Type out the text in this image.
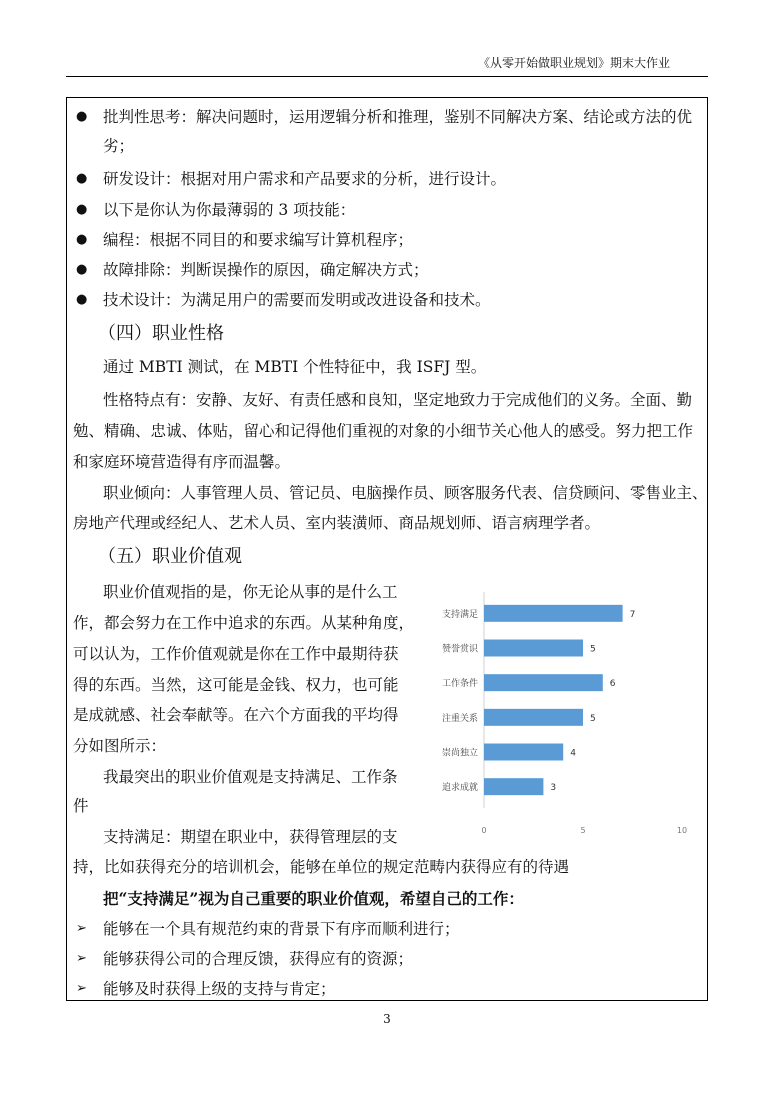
《从零开始做职业规划》期末大作业
● 批判性思考：解决问题时，运用逻辑分析和推理，鉴别不同解决方案、结论或方法的优
劣；
● 研发设计：根据对用户需求和产品要求的分析，进行设计。
● 以下是你认为你最薄弱的 3 项技能：
● 编程：根据不同目的和要求编写计算机程序；
● 故障排除：判断误操作的原因，确定解决方式；
● 技术设计：为满足用户的需要而发明或改进设备和技术。
（四）职业性格
通过 MBTI 测试，在 MBTI 个性特征中，我 ISFJ 型。
性格特点有：安静、友好、有责任感和良知，坚定地致力于完成他们的义务。全面、勤
勉、精确、忠诚、体贴，留心和记得他们重视的对象的小细节关心他人的感受。努力把工作
和家庭环境营造得有序而温馨。
职业倾向：人事管理人员、管记员、电脑操作员、顾客服务代表、信贷顾问、零售业主、
房地产代理或经纪人、艺术人员、室内装潢师、商品规划师、语言病理学者。
（五）职业价值观
职业价值观指的是，你无论从事的是什么工
作，都会努力在工作中追求的东西。从某种角度，
可以认为，工作价值观就是你在工作中最期待获
得的东西。当然，这可能是金钱、权力，也可能
是成就感、社会奉献等。在六个方面我的平均得
分如图所示：
我最突出的职业价值观是支持满足、工作条
件
支持满足：期望在职业中，获得管理层的支
持，比如获得充分的培训机会，能够在单位的规定范畴内获得应有的待遇
把“支持满足”视为自己重要的职业价值观，希望自己的工作：
➢ 能够在一个具有规范约束的背景下有序而顺利进行；
➢ 能够获得公司的合理反馈，获得应有的资源；
➢ 能够及时获得上级的支持与肯定；
支持满足	7
赞誉赏识	5
工作条件	6
注重关系	5
崇尚独立	4
追求成就	3
0	5	10
3
